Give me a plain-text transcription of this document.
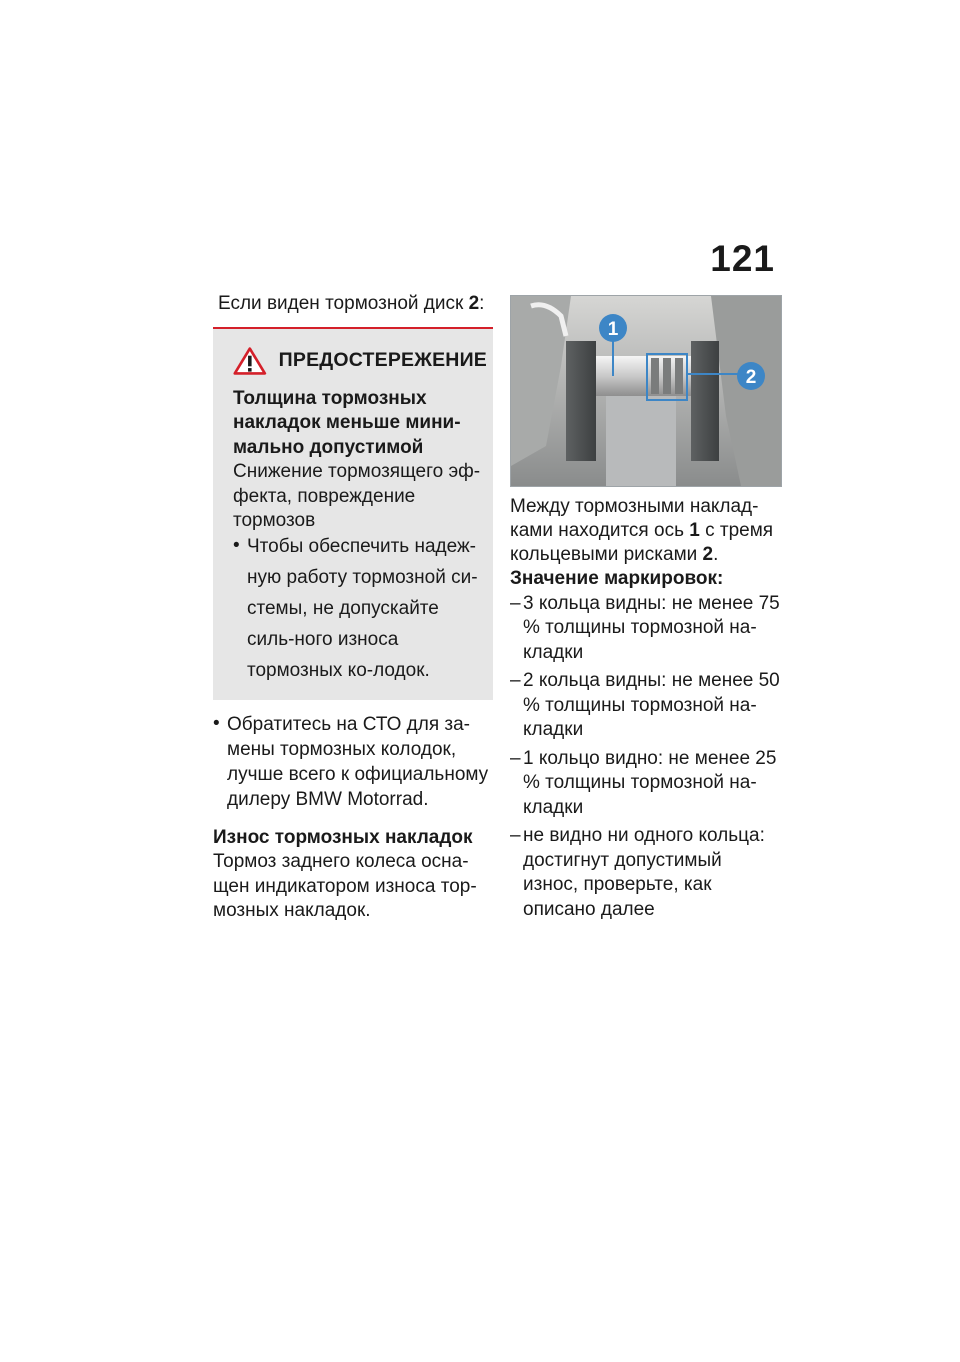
121

Если виден тормозной диск 2:

ПРЕДОСТЕРЕЖЕНИЕ

Толщина тормозных накладок меньше мини-мально допустимой

Снижение тормозящего эф-фекта, повреждение тормозов

• Чтобы обеспечить надеж-ную работу тормозной си-стемы, не допускайте силь-ного износа тормозных ко-лодок.
• Обратитесь на СТО для за-мены тормозных колодок, лучше всего к официальному дилеру BMW Motorrad.

Износ тормозных накладок

Тормоз заднего колеса осна-щен индикатором износа тор-мозных накладок.

1
2

Между тормозными наклад-ками находится ось 1 с тремя кольцевыми рисками 2.

Значение маркировок:

– 3 кольца видны: не менее 75 % толщины тормозной на-кладки
– 2 кольца видны: не менее 50 % толщины тормозной на-кладки
– 1 кольцо видно: не менее 25 % толщины тормозной на-кладки
– не видно ни одного кольца: достигнут допустимый износ, проверьте, как описано далее
